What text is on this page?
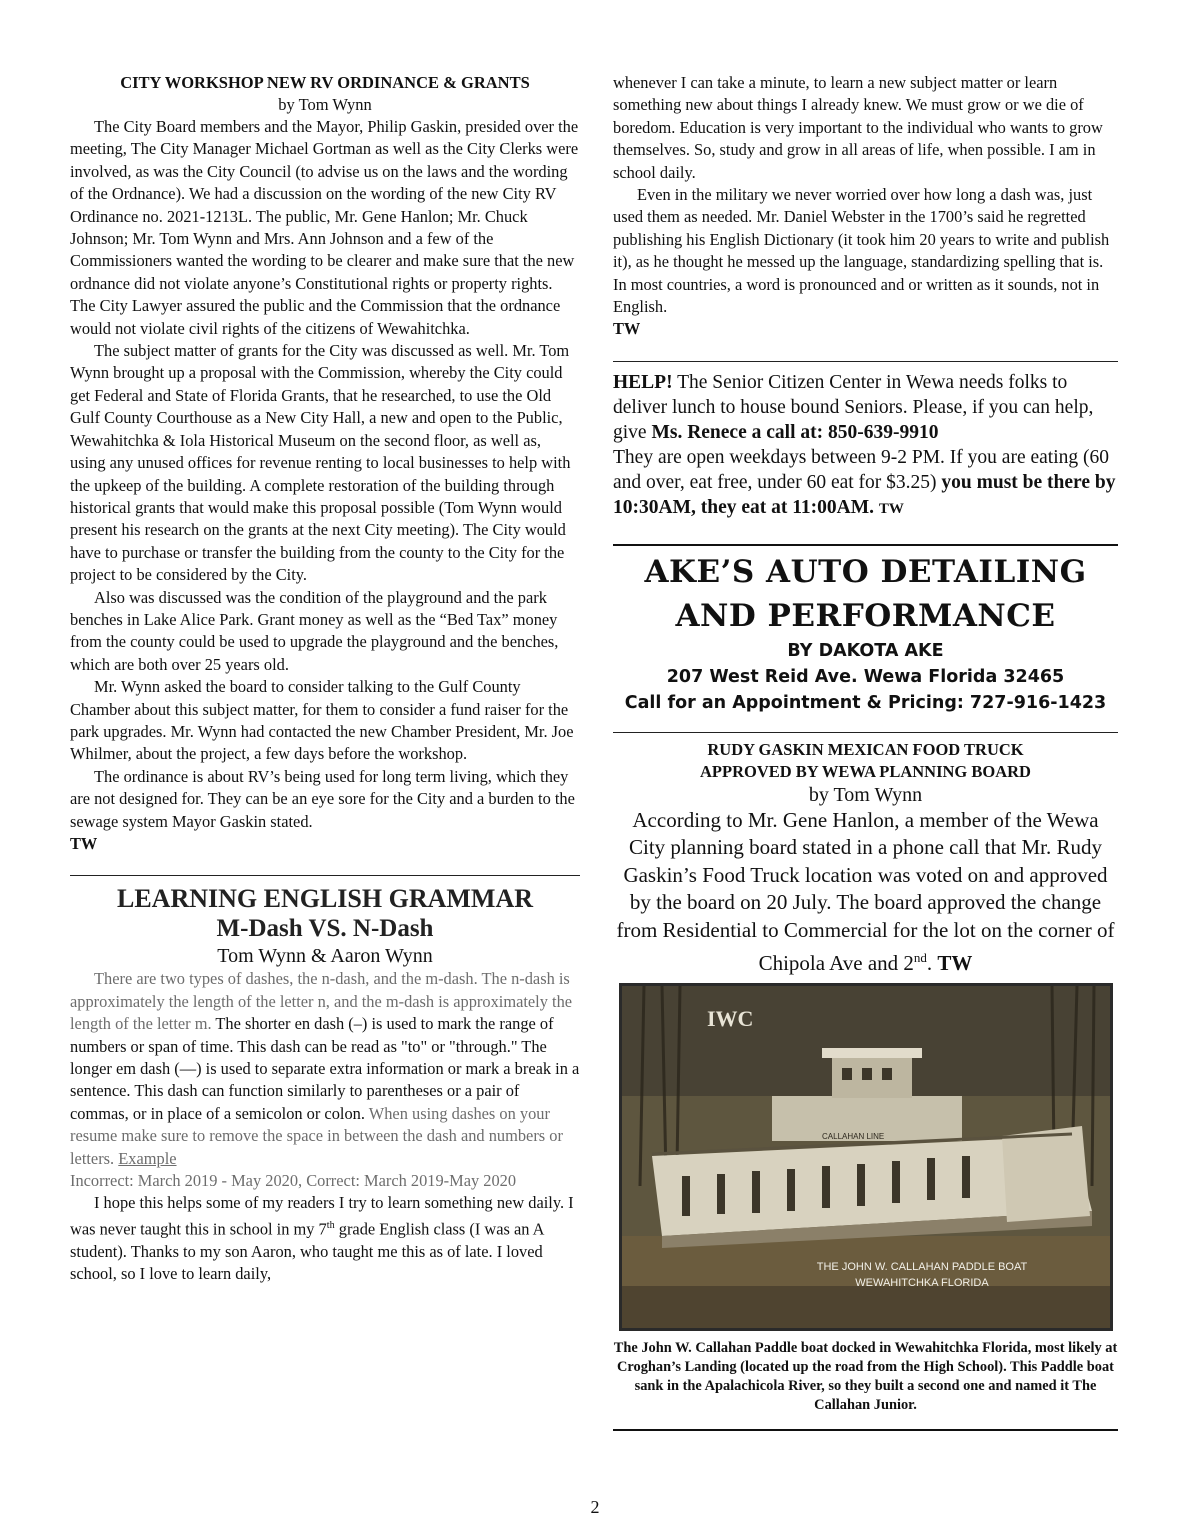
CITY WORKSHOP NEW RV ORDINANCE & GRANTS

by Tom Wynn

The City Board members and the Mayor, Philip Gaskin, presided over the meeting, The City Manager Michael Gortman as well as the City Clerks were involved, as was the City Council (to advise us on the laws and the wording of the Ordnance). We had a discussion on the wording of the new City RV Ordinance no. 2021-1213L. The public, Mr. Gene Hanlon; Mr. Chuck Johnson; Mr. Tom Wynn and Mrs. Ann Johnson and a few of the Commissioners wanted the wording to be clearer and make sure that the new ordnance did not violate anyone’s Constitutional rights or property rights. The City Lawyer assured the public and the Commission that the ordnance would not violate civil rights of the citizens of Wewahitchka.

The subject matter of grants for the City was discussed as well. Mr. Tom Wynn brought up a proposal with the Commission, whereby the City could get Federal and State of Florida Grants, that he researched, to use the Old Gulf County Courthouse as a New City Hall, a new and open to the Public, Wewahitchka & Iola Historical Museum on the second floor, as well as, using any unused offices for revenue renting to local businesses to help with the upkeep of the building. A complete restoration of the building through historical grants that would make this proposal possible (Tom Wynn would present his research on the grants at the next City meeting). The City would have to purchase or transfer the building from the county to the City for the project to be considered by the City.

Also was discussed was the condition of the playground and the park benches in Lake Alice Park. Grant money as well as the “Bed Tax” money from the county could be used to upgrade the playground and the benches, which are both over 25 years old.

Mr. Wynn asked the board to consider talking to the Gulf County Chamber about this subject matter, for them to consider a fund raiser for the park upgrades. Mr. Wynn had contacted the new Chamber President, Mr. Joe Whilmer, about the project, a few days before the workshop.

The ordinance is about RV’s being used for long term living, which they are not designed for. They can be an eye sore for the City and a burden to the sewage system Mayor Gaskin stated.

TW

LEARNING ENGLISH GRAMMAR
M-Dash VS. N-Dash

Tom Wynn & Aaron Wynn

There are two types of dashes, the n-dash, and the m-dash. The n-dash is approximately the length of the letter n, and the m-dash is approximately the length of the letter m. The shorter en dash (–) is used to mark the range of numbers or span of time. This dash can be read as "to" or "through." The longer em dash (—) is used to separate extra information or mark a break in a sentence. This dash can function similarly to parentheses or a pair of commas, or in place of a semicolon or colon. When using dashes on your resume make sure to remove the space in between the dash and numbers or letters. Example

Incorrect: March 2019 - May 2020, Correct: March 2019-May 2020

I hope this helps some of my readers I try to learn something new daily. I was never taught this in school in my 7th grade English class (I was an A student). Thanks to my son Aaron, who taught me this as of late. I loved school, so I love to learn daily,

whenever I can take a minute, to learn a new subject matter or learn something new about things I already knew. We must grow or we die of boredom. Education is very important to the individual who wants to grow themselves. So, study and grow in all areas of life, when possible. I am in school daily.

Even in the military we never worried over how long a dash was, just used them as needed. Mr. Daniel Webster in the 1700’s said he regretted publishing his English Dictionary (it took him 20 years to write and publish it), as he thought he messed up the language, standardizing spelling that is. In most countries, a word is pronounced and or written as it sounds, not in English.

TW

HELP! The Senior Citizen Center in Wewa needs folks to deliver lunch to house bound Seniors. Please, if you can help, give Ms. Renece a call at: 850-639-9910

They are open weekdays between 9-2 PM. If you are eating (60 and over, eat free, under 60 eat for $3.25) you must be there by 10:30AM, they eat at 11:00AM. TW

AKE’S AUTO DETAILING
AND PERFORMANCE

BY DAKOTA AKE

207 West Reid Ave. Wewa Florida 32465

Call for an Appointment & Pricing: 727-916-1423

RUDY GASKIN MEXICAN FOOD TRUCK
APPROVED BY WEWA PLANNING BOARD

by Tom Wynn

According to Mr. Gene Hanlon, a member of the Wewa City planning board stated in a phone call that Mr. Rudy Gaskin’s Food Truck location was voted on and approved by the board on 20 July. The board approved the change from Residential to Commercial for the lot on the corner of Chipola Ave and 2nd. TW

CALLAHAN LINE
IWC
THE JOHN W. CALLAHAN PADDLE BOAT
WEWAHITCHKA FLORIDA

The John W. Callahan Paddle boat docked in Wewahitchka Florida, most likely at Croghan’s Landing (located up the road from the High School). This Paddle boat sank in the Apalachicola River, so they built a second one and named it The Callahan Junior.

2
